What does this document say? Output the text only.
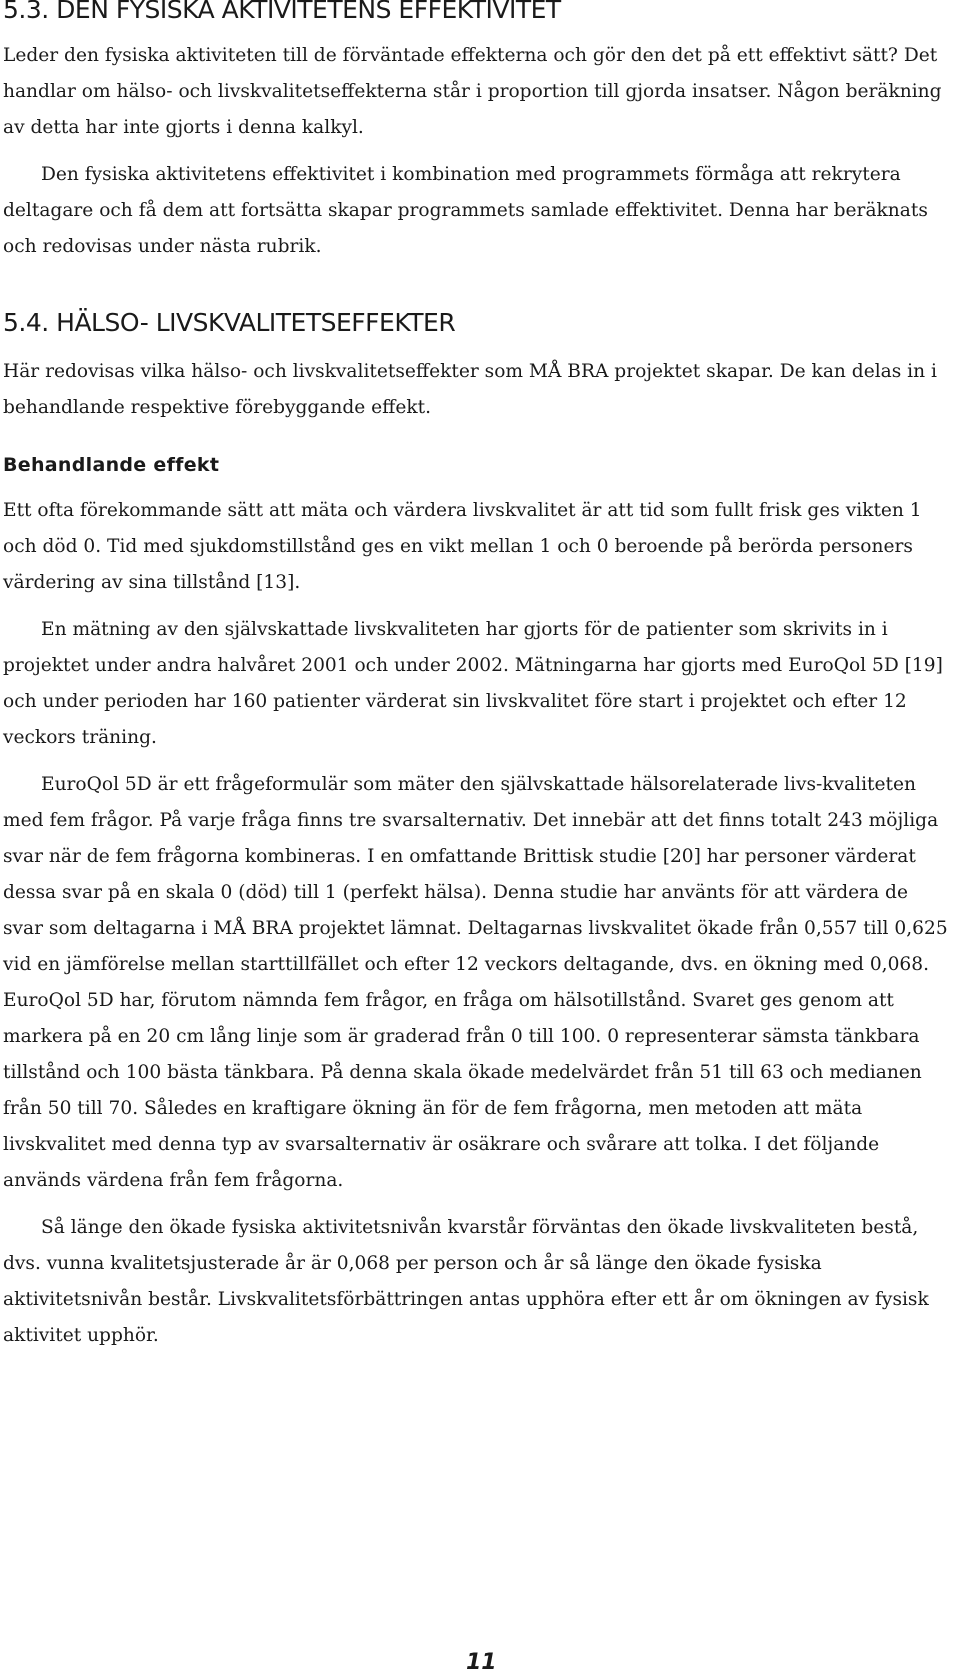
5.3. DEN FYSISKA AKTIVITETENS EFFEKTIVITET

Leder den fysiska aktiviteten till de förväntade effekterna och gör den det på ett effektivt sätt? Det handlar om hälso- och livskvalitetseffekterna står i proportion till gjorda insatser. Någon beräkning av detta har inte gjorts i denna kalkyl.

Den fysiska aktivitetens effektivitet i kombination med programmets förmåga att rekrytera deltagare och få dem att fortsätta skapar programmets samlade effektivitet. Denna har beräknats och redovisas under nästa rubrik.

5.4. HÄLSO- LIVSKVALITETSEFFEKTER

Här redovisas vilka hälso- och livskvalitetseffekter som MÅ BRA projektet skapar. De kan delas in i behandlande respektive förebyggande effekt.

Behandlande effekt

Ett ofta förekommande sätt att mäta och värdera livskvalitet är att tid som fullt frisk ges vikten 1 och död 0. Tid med sjukdomstillstånd ges en vikt mellan 1 och 0 beroende på berörda personers värdering av sina tillstånd [13].

En mätning av den självskattade livskvaliteten har gjorts för de patienter som skrivits in i projektet under andra halvåret 2001 och under 2002. Mätningarna har gjorts med EuroQol 5D [19] och under perioden har 160 patienter värderat sin livskvalitet före start i projektet och efter 12 veckors träning.

EuroQol 5D är ett frågeformulär som mäter den självskattade hälsorelaterade livs-kvaliteten med fem frågor. På varje fråga finns tre svarsalternativ. Det innebär att det finns totalt 243 möjliga svar när de fem frågorna kombineras. I en omfattande Brittisk studie [20] har personer värderat dessa svar på en skala 0 (död) till 1 (perfekt hälsa). Denna studie har använts för att värdera de svar som deltagarna i MÅ BRA projektet lämnat. Deltagarnas livskvalitet ökade från 0,557 till 0,625 vid en jämförelse mellan starttillfället och efter 12 veckors deltagande, dvs. en ökning med 0,068. EuroQol 5D har, förutom nämnda fem frågor, en fråga om hälsotillstånd. Svaret ges genom att markera på en 20 cm lång linje som är graderad från 0 till 100. 0 representerar sämsta tänkbara tillstånd och 100 bästa tänkbara. På denna skala ökade medelvärdet från 51 till 63 och medianen från 50 till 70. Således en kraftigare ökning än för de fem frågorna, men metoden att mäta livskvalitet med denna typ av svarsalternativ är osäkrare och svårare att tolka. I det följande används värdena från fem frågorna.

Så länge den ökade fysiska aktivitetsnivån kvarstår förväntas den ökade livskvaliteten bestå, dvs. vunna kvalitetsjusterade år är 0,068 per person och år så länge den ökade fysiska aktivitetsnivån består. Livskvalitetsförbättringen antas upphöra efter ett år om ökningen av fysisk aktivitet upphör.

11
